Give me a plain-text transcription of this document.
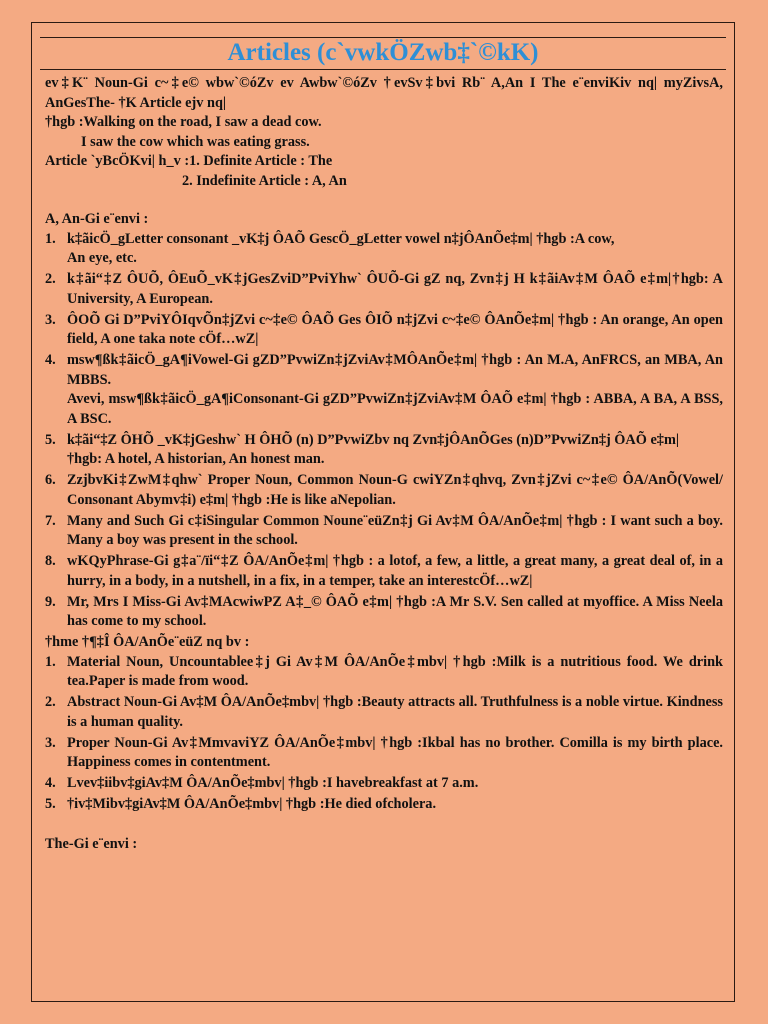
Articles (c`vwkÖZwb‡`©kK)

ev‡K¨ Noun-Gi c~‡e© wbw`©óZv ev Awbw`©óZv †evSv‡bvi Rb¨ A,An I The e¨enviKiv nq| myZivsA, AnGesThe- †K Article ejv nq|

†hgb :Walking on the road, I saw a dead cow.

I saw the cow which was eating grass.

Article `yBcÖKvi| h_v :1. Definite Article : The

2. Indefinite Article : A, An

A, An-Gi e¨envi :

1. k‡ãicÖ_gLetter consonant _vK‡j ÔAÕ GescÖ_gLetter vowel n‡jÔAnÕe‡m| †hgb :A cow,
An eye, etc.
2. k‡ãi“‡Z ÔUÕ, ÔEuÕ_vK‡jGesZviD”PviYhw` ÔUÕ-Gi gZ nq, Zvn‡j H k‡ãiAv‡M ÔAÕ e‡m|†hgb: A University, A European.
3. ÔOÕ Gi D”PviYÔIqvÕn‡jZvi c~‡e© ÔAÕ Ges ÔIÕ n‡jZvi c~‡e© ÔAnÕe‡m| †hgb : An orange, An open field, A one taka note cÖf…wZ|
4. msw¶ßk‡ãicÖ_gA¶iVowel-Gi gZD”PvwiZn‡jZviAv‡MÔAnÕe‡m| †hgb : An M.A, AnFRCS, an MBA, An MBBS.
Avevi, msw¶ßk‡ãicÖ_gA¶iConsonant-Gi gZD”PvwiZn‡jZviAv‡M ÔAÕ e‡m| †hgb : ABBA, A BA, A BSS, A BSC.
5. k‡ãi“‡Z ÔHÕ _vK‡jGeshw` H ÔHÕ (n) D”PvwiZbv nq Zvn‡jÔAnÕGes (n)D”PvwiZn‡j ÔAÕ e‡m|
†hgb: A hotel, A historian, An honest man.
6. ZzjbvKi‡ZwM‡qhw` Proper Noun, Common Noun-G cwiYZn‡qhvq, Zvn‡jZvi c~‡e© ÔA/AnÕ(Vowel/ Consonant Abymv‡i) e‡m| †hgb :He is like aNepolian.
7. Many and Such Gi c‡iSingular Common Noune¨eüZn‡j Gi Av‡M ÔA/AnÕe‡m| †hgb : I want such a boy. Many a boy was present in the school.
8. wKQyPhrase-Gi g‡a¨/ïi“‡Z ÔA/AnÕe‡m| †hgb : a lotof, a few, a little, a great many, a great deal of, in a hurry, in a body, in a nutshell, in a fix, in a temper, take an interestcÖf…wZ|
9. Mr, Mrs I Miss-Gi Av‡MAcwiwPZ A‡_© ÔAÕ e‡m| †hgb :A Mr S.V. Sen called at myoffice. A Miss Neela has come to my school.

†hme †¶‡Î ÔA/AnÕe¨eüZ nq bv :

1. Material Noun, Uncountablee‡j Gi Av‡M ÔA/AnÕe‡mbv| †hgb :Milk is a nutritious food. We drink tea.Paper is made from wood.
2. Abstract Noun-Gi Av‡M ÔA/AnÕe‡mbv| †hgb :Beauty attracts all. Truthfulness is a noble virtue. Kindness is a human quality.
3. Proper Noun-Gi Av‡MmvaviYZ ÔA/AnÕe‡mbv| †hgb :Ikbal has no brother. Comilla is my birth place. Happiness comes in contentment.
4. Lvev‡iibv‡giAv‡M ÔA/AnÕe‡mbv| †hgb :I havebreakfast at 7 a.m.
5. †iv‡Mibv‡giAv‡M ÔA/AnÕe‡mbv| †hgb :He died ofcholera.

The-Gi e¨envi :
